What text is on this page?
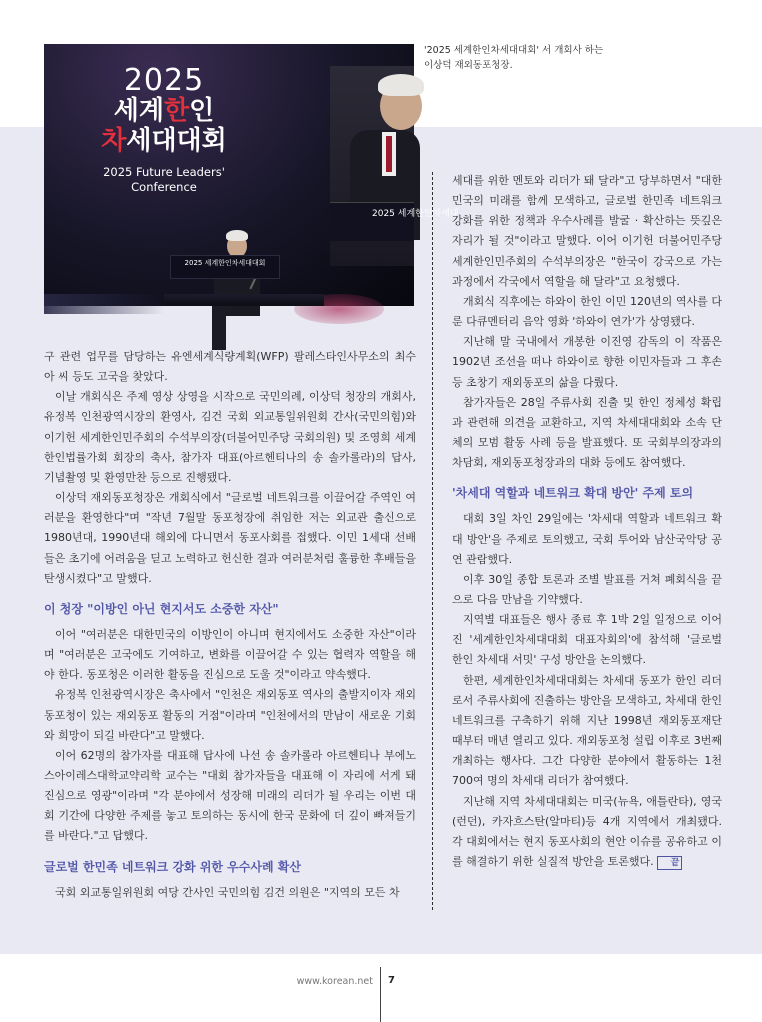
2025
세계한인
차세대대회
2025 Future Leaders'
Conference
2025 세계한인차세대
2025 세계한인차세대대회
'2025 세계한인차세대대회' 서 개회사 하는
이상덕 재외동포청장.

구 관련 업무를 담당하는 유엔세계식량계획(WFP) 팔레스타인사무소의 최수아 씨 등도 고국을 찾았다.

이날 개회식은 주제 영상 상영을 시작으로 국민의례, 이상덕 청장의 개회사, 유정복 인천광역시장의 환영사, 김건 국회 외교통일위원회 간사(국민의힘)와 이기헌 세계한인민주회의 수석부의장(더불어민주당 국회의원) 및 조영희 세계한인법률가회 회장의 축사, 참가자 대표(아르헨티나의 송 솔카롤라)의 답사, 기념촬영 및 환영만찬 등으로 진행됐다.

이상덕 재외동포청장은 개회식에서 "글로벌 네트워크를 이끌어갈 주역인 여러분을 환영한다"며 "작년 7월말 동포청장에 취임한 저는 외교관 출신으로 1980년대, 1990년대 해외에 다니면서 동포사회를 접했다. 이민 1세대 선배들은 초기에 어려움을 딛고 노력하고 헌신한 결과 여러분처럼 훌륭한 후배들을 탄생시켰다"고 말했다.

이 청장 "이방인 아닌 현지서도 소중한 자산"

이어 "여러분은 대한민국의 이방인이 아니며 현지에서도 소중한 자산"이라며 "여러분은 고국에도 기여하고, 변화를 이끌어갈 수 있는 협력자 역할을 해야 한다. 동포청은 이러한 활동을 진심으로 도울 것"이라고 약속했다.

유정복 인천광역시장은 축사에서 "인천은 재외동포 역사의 출발지이자 재외동포청이 있는 재외동포 활동의 거점"이라며 "인천에서의 만남이 새로운 기회와 희망이 되길 바란다"고 말했다.

이어 62명의 참가자를 대표해 답사에 나선 송 솔카롤라 아르헨티나 부에노스아이레스대학교약리학 교수는 "대회 참가자들을 대표해 이 자리에 서게 돼 진심으로 영광"이라며 "각 분야에서 성장해 미래의 리더가 될 우리는 이번 대회 기간에 다양한 주제를 놓고 토의하는 동시에 한국 문화에 더 깊이 빠져들기를 바란다."고 답했다.

글로벌 한민족 네트워크 강화 위한 우수사례 확산

국회 외교통일위원회 여당 간사인 국민의힘 김건 의원은 "지역의 모든 차

세대를 위한 멘토와 리더가 돼 달라"고 당부하면서 "대한민국의 미래를 함께 모색하고, 글로벌 한민족 네트워크 강화를 위한 정책과 우수사례를 발굴 · 확산하는 뜻깊은 자리가 될 것"이라고 말했다. 이어 이기헌 더불어민주당 세계한인민주회의 수석부의장은 "한국이 강국으로 가는 과정에서 각국에서 역할을 해 달라"고 요청했다.

개회식 직후에는 하와이 한인 이민 120년의 역사를 다룬 다큐멘터리 음악 영화 '하와이 연가'가 상영됐다.

지난해 말 국내에서 개봉한 이진영 감독의 이 작품은 1902년 조선을 떠나 하와이로 향한 이민자들과 그 후손 등 초창기 재외동포의 삶을 다뤘다.

참가자들은 28일 주류사회 진출 및 한인 정체성 확립과 관련해 의견을 교환하고, 지역 차세대대회와 소속 단체의 모범 활동 사례 등을 발표했다. 또 국회부의장과의 차담회, 재외동포청장과의 대화 등에도 참여했다.

'차세대 역할과 네트워크 확대 방안' 주제 토의

대회 3일 차인 29일에는 '차세대 역할과 네트워크 확대 방안'을 주제로 토의했고, 국회 투어와 남산국악당 공연 관람했다.

이후 30일 종합 토론과 조별 발표를 거쳐 폐회식을 끝으로 다음 만남을 기약했다.

지역별 대표들은 행사 종료 후 1박 2일 일정으로 이어진 '세계한인차세대대회 대표자회의'에 참석해 '글로벌 한인 차세대 서밋' 구성 방안을 논의했다.

한편, 세계한인차세대대회는 차세대 동포가 한인 리더로서 주류사회에 진출하는 방안을 모색하고, 차세대 한인 네트워크를 구축하기 위해 지난 1998년 재외동포재단 때부터 매년 열리고 있다. 재외동포청 설립 이후로 3번째 개최하는 행사다. 그간 다양한 분야에서 활동하는 1천700여 명의 차세대 리더가 참여했다.

지난해 지역 차세대대회는 미국(뉴욕, 애틀란타), 영국(런던), 카자흐스탄(알마티)등 4개 지역에서 개최됐다. 각 대회에서는 현지 동포사회의 현안 이슈를 공유하고 이를 해결하기 위한 실질적 방안을 토론했다. 끝

www.korean.net 7
